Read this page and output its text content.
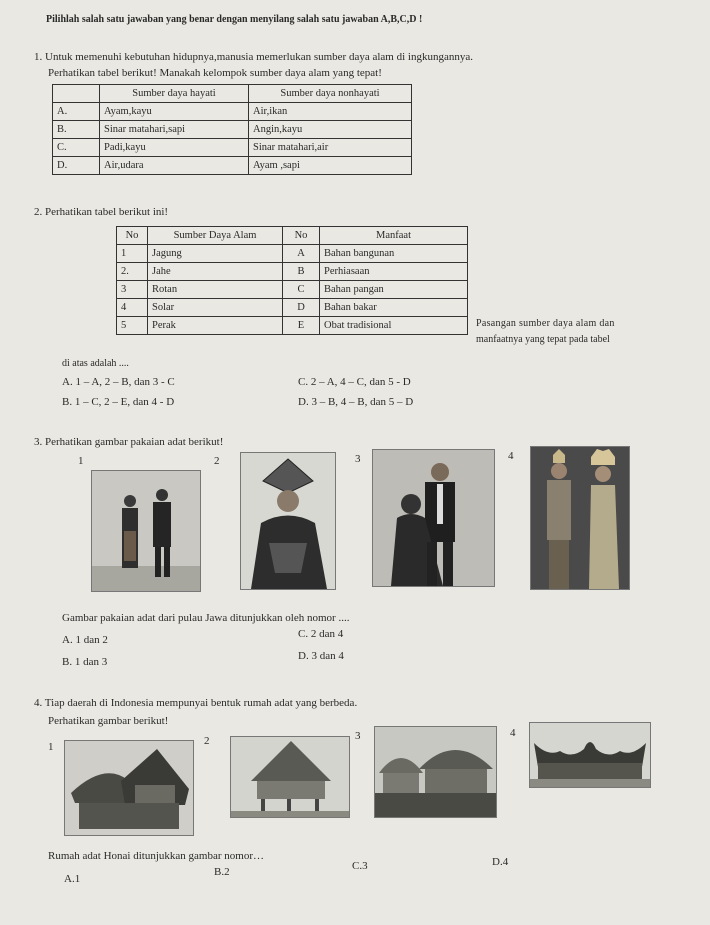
Pilihlah salah satu jawaban yang benar dengan menyilang salah satu jawaban A,B,C,D !
1. Untuk memenuhi kebutuhan hidupnya,manusia memerlukan sumber daya alam di ingkungannya.
Perhatikan tabel berikut! Manakah kelompok sumber daya alam yang tepat!
	Sumber daya hayati	Sumber daya nonhayati
A.	Ayam,kayu	Air,ikan
B.	Sinar matahari,sapi	Angin,kayu
C.	Padi,kayu	Sinar matahari,air
D.	Air,udara	Ayam ,sapi
2. Perhatikan tabel berikut ini!
No	Sumber Daya Alam	No	Manfaat
1	Jagung	A	Bahan bangunan
2.	Jahe	B	Perhiasaan
3	Rotan	C	Bahan pangan
4	Solar	D	Bahan bakar
5	Perak	E	Obat tradisional	Pasangan sumber daya alam dan
manfaatnya yang tepat pada tabel
di atas adalah ....
A. 1 – A, 2 – B, dan 3 - C
B. 1 – C, 2 – E, dan 4 - D
C. 2 – A, 4 – C, dan 5 - D
D. 3 – B, 4 – B, dan 5 – D
3. Perhatikan gambar pakaian adat berikut!
1	2	3	4
Gambar pakaian adat dari pulau Jawa ditunjukkan oleh nomor ....
A. 1 dan 2
B. 1 dan 3
C. 2 dan 4
D. 3 dan 4
4. Tiap daerah di Indonesia mempunyai bentuk rumah adat yang berbeda.
Perhatikan gambar berikut!
1	2	3	4
Rumah adat Honai ditunjukkan gambar nomor…
A.1
B.2	C.3	D.4
